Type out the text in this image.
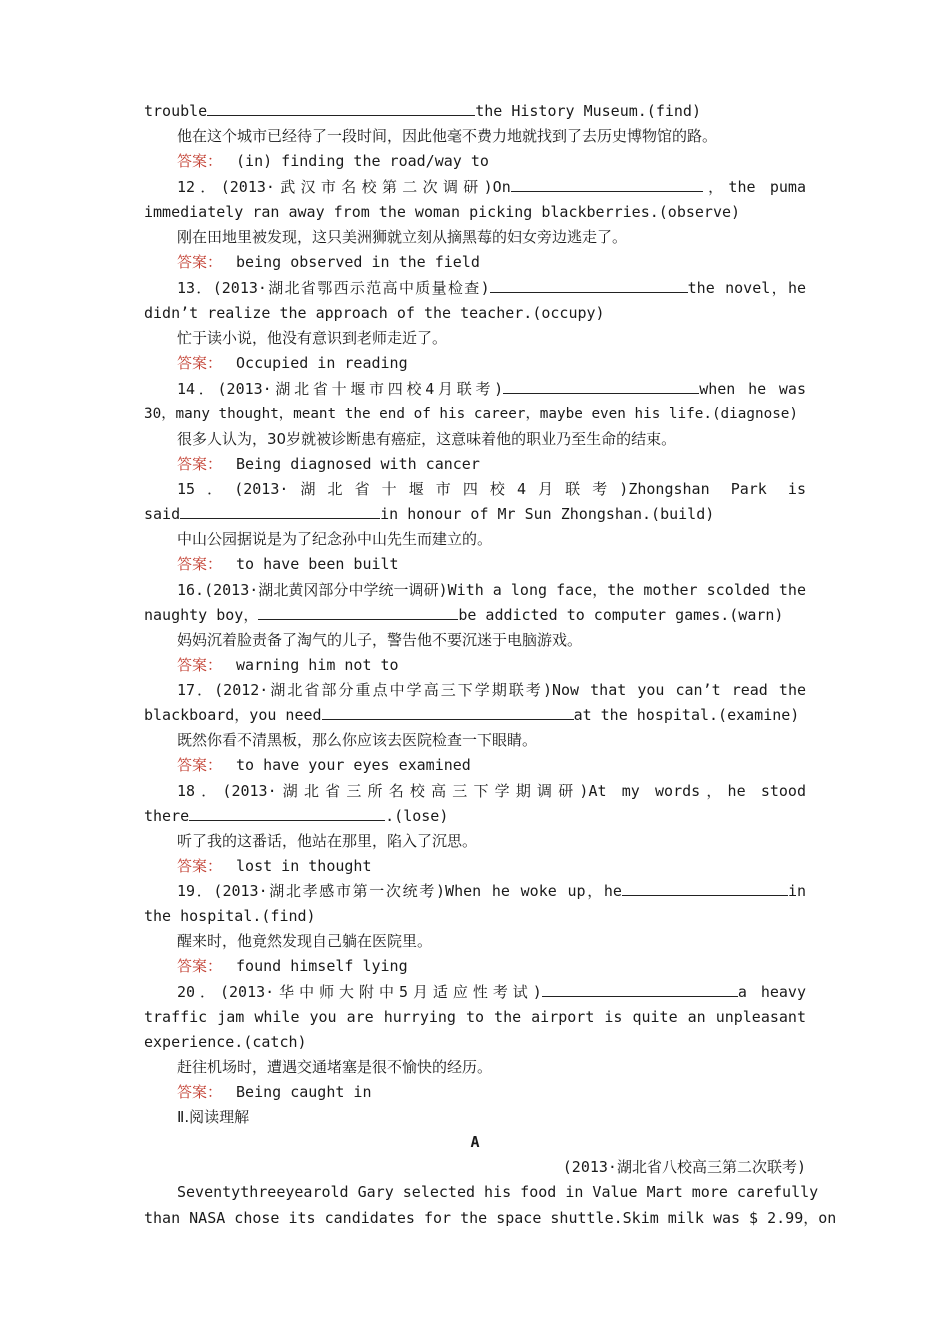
trouble	the History Museum.(find)
他在这个城市已经待了一段时间，因此他毫不费力地就找到了去历史博物馆的路。
答案： (in) finding the road/way to
12．(2013·武汉市名校第二次调研)On	，the puma
immediately ran away from the woman picking blackberries.(observe)
刚在田地里被发现，这只美洲狮就立刻从摘黑莓的妇女旁边逃走了。
答案： being observed in the field
13．(2013·湖北省鄂西示范高中质量检查)	the novel，he
didn’t realize the approach of the teacher.(occupy)
忙于读小说，他没有意识到老师走近了。
答案： Occupied in reading
14．(2013·湖北省十堰市四校4月联考)	when he was
30，many thought，meant the end of his career，maybe even his life.(diagnose)
很多人认为，30岁就被诊断患有癌症，这意味着他的职业乃至生命的结束。
答案： Being diagnosed with cancer
15．(2013·湖北省十堰市四校4月联考)Zhongshan Park is
said	in honour of Mr Sun Zhongshan.(build)
中山公园据说是为了纪念孙中山先生而建立的。
答案： to have been built
16.(2013·湖北黄冈部分中学统一调研)With a long face，the mother scolded the
naughty boy，	be addicted to computer games.(warn)
妈妈沉着脸责备了淘气的儿子，警告他不要沉迷于电脑游戏。
答案： warning him not to
17．(2012·湖北省部分重点中学高三下学期联考)Now that you can’t read the
blackboard，you need	at the hospital.(examine)
既然你看不清黑板，那么你应该去医院检查一下眼睛。
答案： to have your eyes examined
18．(2013·湖北省三所名校高三下学期调研)At my words，he stood
there	.(lose)
听了我的这番话，他站在那里，陷入了沉思。
答案： lost in thought
19．(2013·湖北孝感市第一次统考)When he woke up，he	in
the hospital.(find)
醒来时，他竟然发现自己躺在医院里。
答案： found himself lying
20．(2013·华中师大附中5月适应性考试)	a heavy
traffic jam while you are hurrying to the airport is quite an unpleasant
experience.(catch)
赶往机场时，遭遇交通堵塞是很不愉快的经历。
答案： Being caught in
Ⅱ.阅读理解
A
(2013·湖北省八校高三第二次联考)
Seventythreeyearold Gary selected his food in Value Mart more carefully
than NASA chose its candidates for the space shuttle.Skim milk was $ 2.99，on
